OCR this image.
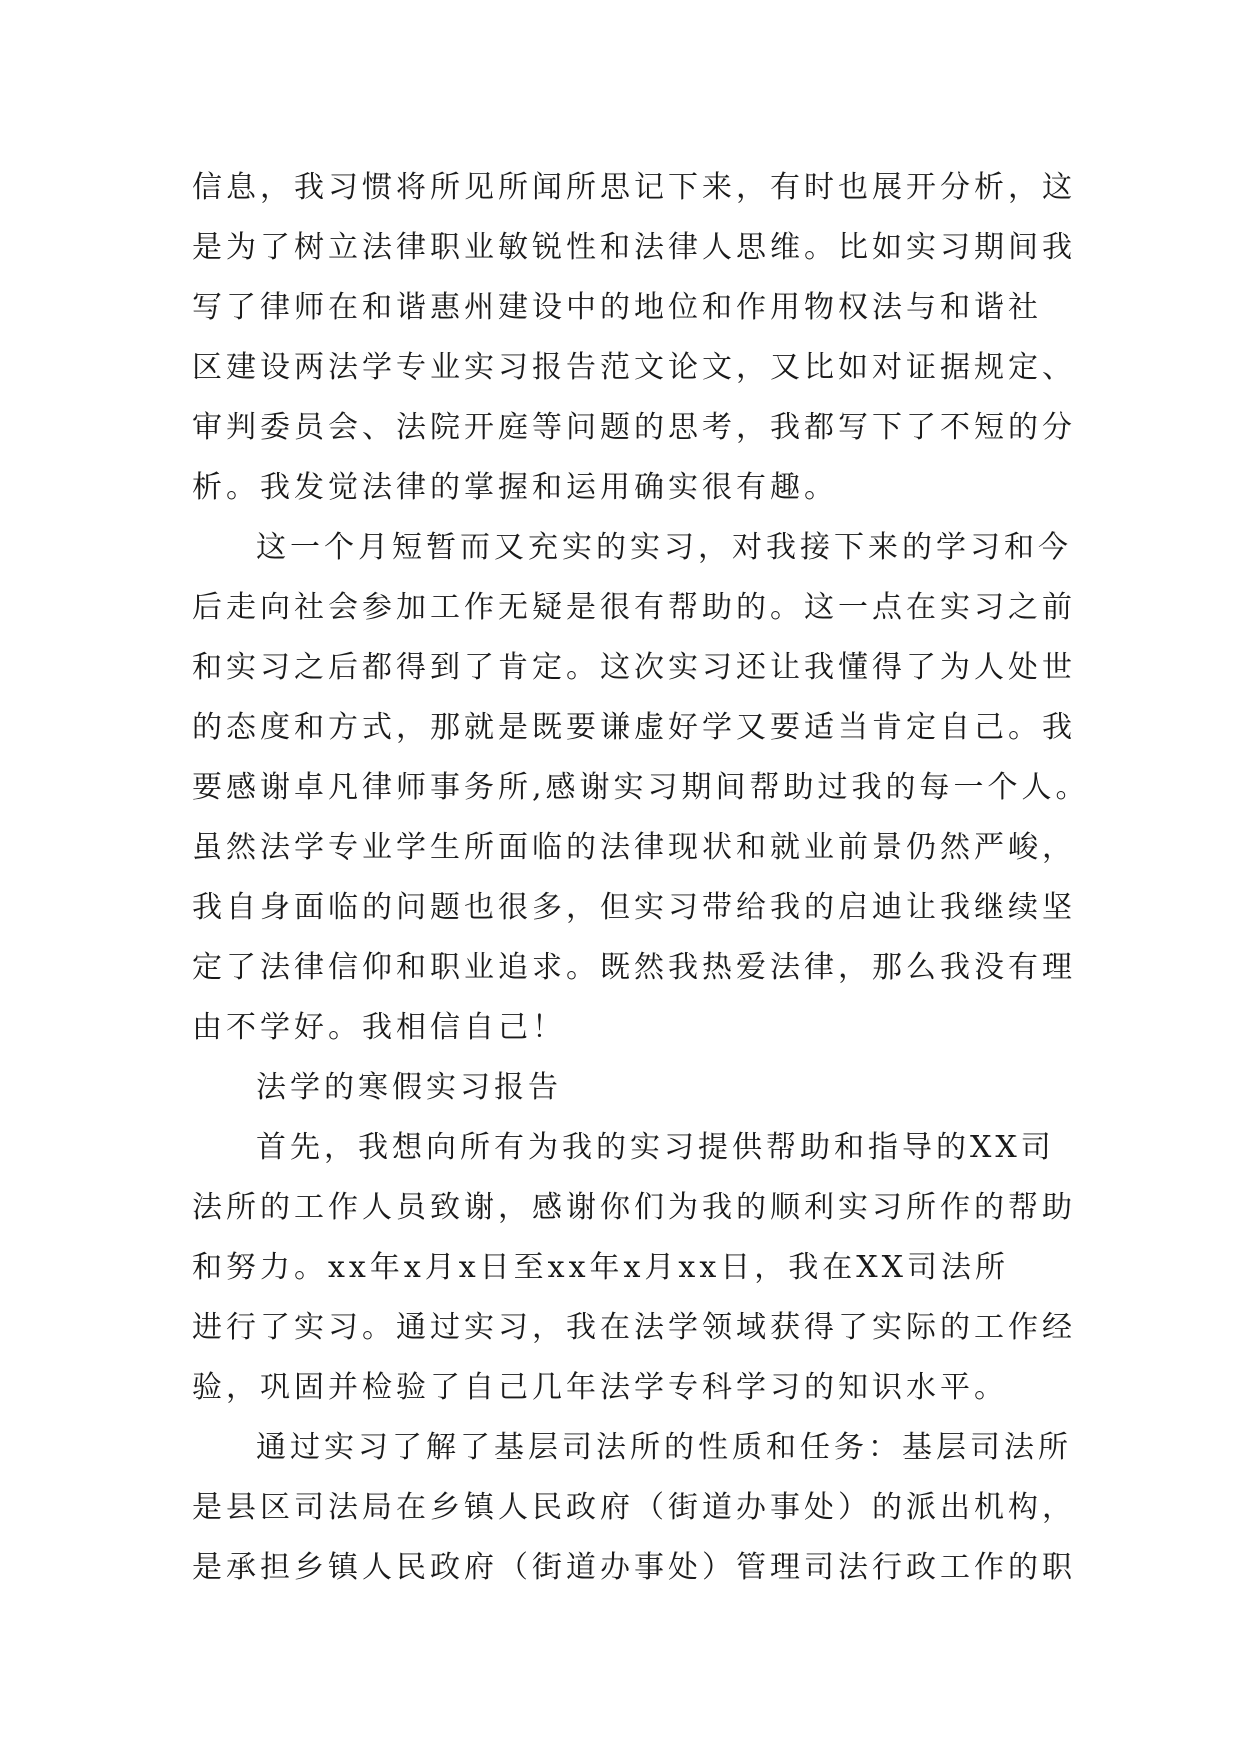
信息，我习惯将所见所闻所思记下来，有时也展开分析，这
是为了树立法律职业敏锐性和法律人思维。比如实习期间我
写了律师在和谐惠州建设中的地位和作用物权法与和谐社
区建设两法学专业实习报告范文论文，又比如对证据规定、
审判委员会、法院开庭等问题的思考，我都写下了不短的分
析。我发觉法律的掌握和运用确实很有趣。
这一个月短暂而又充实的实习，对我接下来的学习和今
后走向社会参加工作无疑是很有帮助的。这一点在实习之前
和实习之后都得到了肯定。这次实习还让我懂得了为人处世
的态度和方式，那就是既要谦虚好学又要适当肯定自己。我
要感谢卓凡律师事务所,感谢实习期间帮助过我的每一个人。
虽然法学专业学生所面临的法律现状和就业前景仍然严峻，
我自身面临的问题也很多，但实习带给我的启迪让我继续坚
定了法律信仰和职业追求。既然我热爱法律，那么我没有理
由不学好。我相信自己！
法学的寒假实习报告
首先，我想向所有为我的实习提供帮助和指导的XX司
法所的工作人员致谢，感谢你们为我的顺利实习所作的帮助
和努力。xx年x月x日至xx年x月xx日，我在XX司法所
进行了实习。通过实习，我在法学领域获得了实际的工作经
验，巩固并检验了自己几年法学专科学习的知识水平。
通过实习了解了基层司法所的性质和任务：基层司法所
是县区司法局在乡镇人民政府（街道办事处）的派出机构，
是承担乡镇人民政府（街道办事处）管理司法行政工作的职
